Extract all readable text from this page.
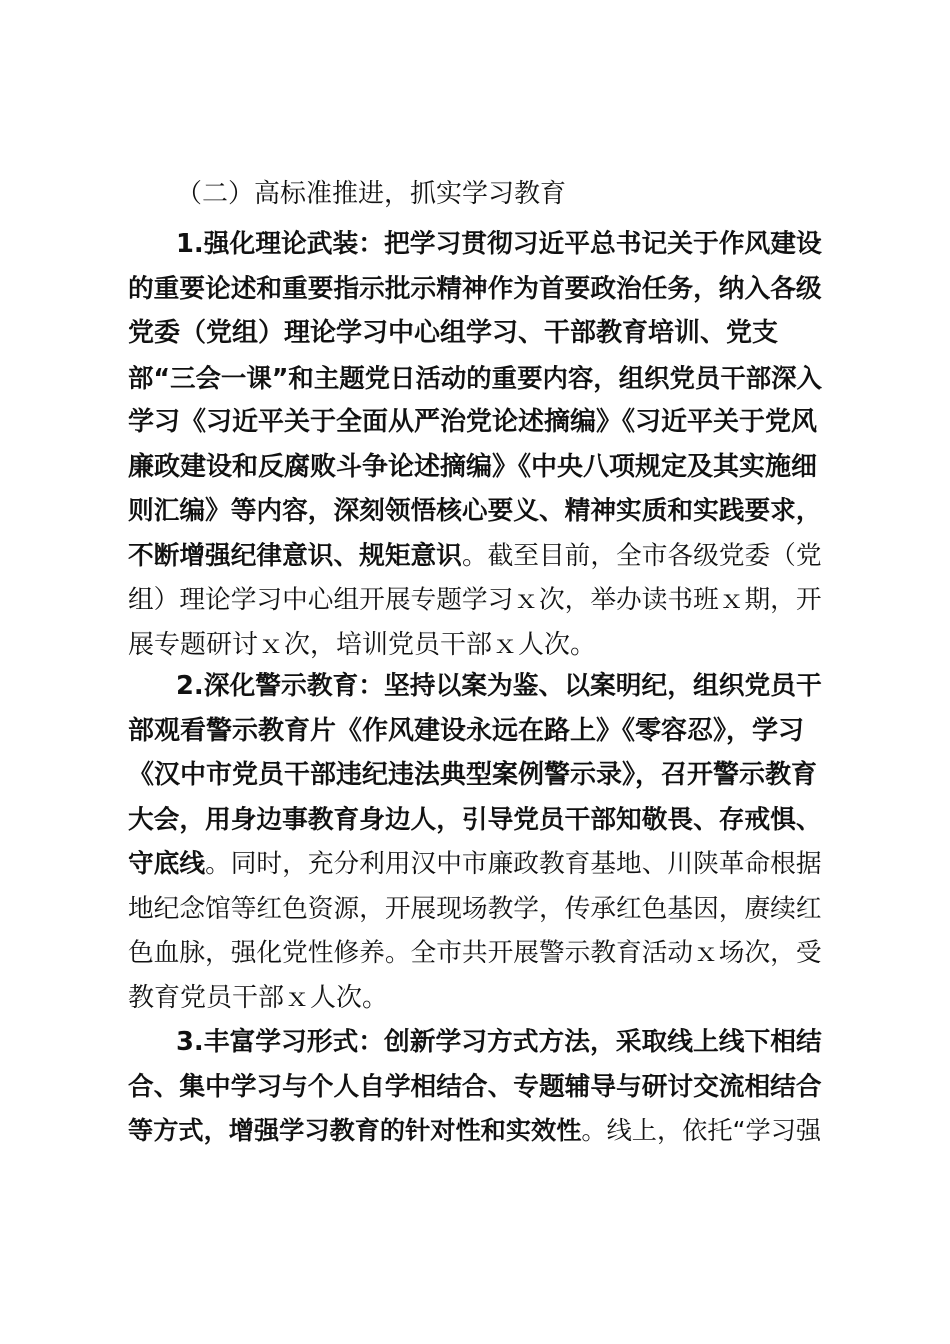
（二）高标准推进，抓实学习教育
1.强化理论武装：把学习贯彻习近平总书记关于作风建设
的重要论述和重要指示批示精神作为首要政治任务，纳入各级
党委（党组）理论学习中心组学习、干部教育培训、党支
部“三会一课”和主题党日活动的重要内容，组织党员干部深入
学习《习近平关于全面从严治党论述摘编》《习近平关于党风
廉政建设和反腐败斗争论述摘编》《中央八项规定及其实施细
则汇编》等内容，深刻领悟核心要义、精神实质和实践要求，
不断增强纪律意识、规矩意识。截至目前，全市各级党委（党
组）理论学习中心组开展专题学习ｘ次，举办读书班ｘ期，开
展专题研讨ｘ次，培训党员干部ｘ人次。
2.深化警示教育：坚持以案为鉴、以案明纪，组织党员干
部观看警示教育片《作风建设永远在路上》《零容忍》，学习
《汉中市党员干部违纪违法典型案例警示录》，召开警示教育
大会，用身边事教育身边人，引导党员干部知敬畏、存戒惧、
守底线。同时，充分利用汉中市廉政教育基地、川陕革命根据
地纪念馆等红色资源，开展现场教学，传承红色基因，赓续红
色血脉，强化党性修养。全市共开展警示教育活动ｘ场次，受
教育党员干部ｘ人次。
3.丰富学习形式：创新学习方式方法，采取线上线下相结
合、集中学习与个人自学相结合、专题辅导与研讨交流相结合
等方式，增强学习教育的针对性和实效性。线上，依托“学习强
